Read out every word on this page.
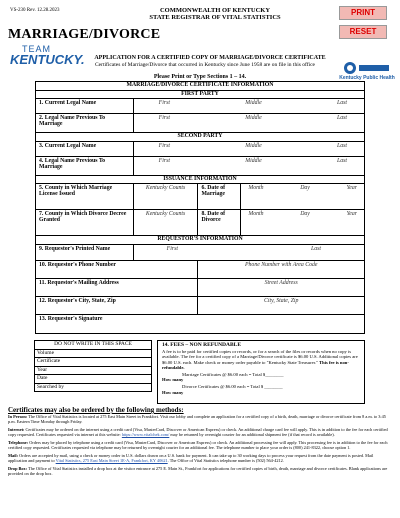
VS-230 Rev. 12.28.2023	COMMONWEALTH OF KENTUCKY
STATE REGISTRAR OF VITAL STATISTICS
PRINT
RESET
MARRIAGE/DIVORCE
TEAM
KENTUCKY.	APPLICATION FOR A CERTIFIED COPY OF MARRIAGE/DIVORCE CERTIFICATE
Certificates of Marriage/Divorce that occurred in Kentucky since June 1958 are on file in this office
Kentucky Public Health
Please Print or Type Sections 1 – 14.
MARRIAGE/DIVORCE CERTIFICATE INFORMATION			
FIRST PARTY			
1. Current Legal Name	First Middle Last		

2. Legal Name Previous To Marriage	First Middle Last		

SECOND PARTY			
3. Current Legal Name	First Middle Last		

4. Legal Name Previous To Marriage	First Middle Last		

ISSUANCE INFORMATION			
5. County in Which Marriage License Issued	Kentucky Counts	6. Date of Marriage	Month Day Year

7. County in Which Divorce Decree Granted	Kentucky Counts	8. Date of Divorce	Month Day Year

REQUESTOR'S INFORMATION			
9. Requestor's Printed Name	First Last		

10. Requestor's Phone Number		Phone Number with Area Code	
11. Requestor's Mailing Address		Street Address	
12. Requestor's City, State, Zip		City, State, Zip	
13. Requestor's Signature			
DO NOT WRITE IN THIS SPACE
Volume
Certificate
Year
Date
Searched by
14. FEES – NON REFUNDABLE
A fee is to be paid for certified copies or records, or for a search of the files or records when no copy is available. The fee for a certified copy of a Marriage/Divorce certificate is $6.00 U.S. Additional copies are $6.00 U.S. each. Make check or money order payable to "Kentucky State Treasurer." This fee is non-refundable.
Marriage Certificates @ $6.00 each = Total $________
How many
Divorce Certificates @ $6.00 each = Total $ ________
How many
Certificates may also be ordered by the following methods:

In Person: The Office of Vital Statistics is located at 275 East Main Street in Frankfort. Visit our lobby and complete an application for a certified copy of a birth, death, marriage or divorce certificate from 8 a.m. to 3:45 p.m. Eastern Time Monday through Friday.

Internet: Certificates may be ordered on the internet using a credit card (Visa, MasterCard, Discover or American Express) or check. An additional charge card fee will apply. This is in addition to the fee for each certified copy requested. Certificates requested via internet at this website: https://www.vitalchek.com/ may be returned by overnight courier for an additional shipment fee (if that record is available).

Telephone: Orders may be placed by telephone using a credit card (Visa, MasterCard, Discover or American Express) or check. An additional processing fee will apply. This processing fee is in addition to the fee for each certified copy requested. Certificates requested via telephone may be returned by overnight courier for an additional fee. The telephone number to place your order is (800) 241-8322, choose option 1.

Mail: Orders are accepted by mail, using a check or money order in U.S. dollars drawn on a U.S. bank for payment. It can take up to 30 working days to process your request from the date payment is posted. Mail application and payment to Vital Statistics, 275 East Main Street 1E-A, Frankfort, KY 40621. The Office of Vital Statistics telephone number is (502) 564-4212.

Drop Box: The Office of Vital Statistics installed a drop box at the visitor entrance at 275 E. Main St., Frankfort for applications for certified copies of birth, death, marriage and divorce certificates. Blank applications are provided on the drop box.
